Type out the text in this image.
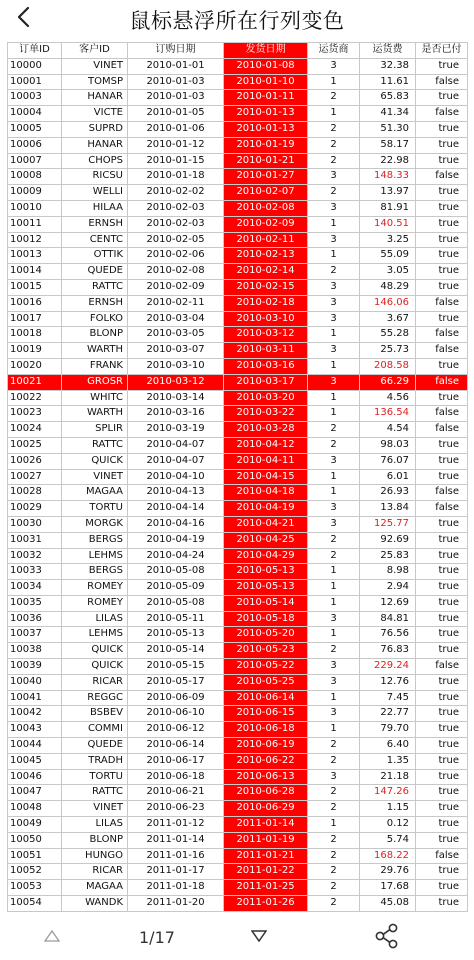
鼠标悬浮所在行列变色
订单ID	客户ID	订购日期	发货日期	运货商	运货费	是否已付
10000	VINET	2010-01-01	2010-01-08	3	32.38	true
10001	TOMSP	2010-01-03	2010-01-10	1	11.61	false
10003	HANAR	2010-01-03	2010-01-11	2	65.83	true
10004	VICTE	2010-01-05	2010-01-13	1	41.34	false
10005	SUPRD	2010-01-06	2010-01-13	2	51.30	true
10006	HANAR	2010-01-12	2010-01-19	2	58.17	true
10007	CHOPS	2010-01-15	2010-01-21	2	22.98	true
10008	RICSU	2010-01-18	2010-01-27	3	148.33	false
10009	WELLI	2010-02-02	2010-02-07	2	13.97	true
10010	HILAA	2010-02-03	2010-02-08	3	81.91	true
10011	ERNSH	2010-02-03	2010-02-09	1	140.51	true
10012	CENTC	2010-02-05	2010-02-11	3	3.25	true
10013	OTTIK	2010-02-06	2010-02-13	1	55.09	true
10014	QUEDE	2010-02-08	2010-02-14	2	3.05	true
10015	RATTC	2010-02-09	2010-02-15	3	48.29	true
10016	ERNSH	2010-02-11	2010-02-18	3	146.06	false
10017	FOLKO	2010-03-04	2010-03-10	3	3.67	true
10018	BLONP	2010-03-05	2010-03-12	1	55.28	false
10019	WARTH	2010-03-07	2010-03-11	3	25.73	false
10020	FRANK	2010-03-10	2010-03-16	1	208.58	true
10021	GROSR	2010-03-12	2010-03-17	3	66.29	false
10022	WHITC	2010-03-14	2010-03-20	1	4.56	true
10023	WARTH	2010-03-16	2010-03-22	1	136.54	false
10024	SPLIR	2010-03-19	2010-03-28	2	4.54	false
10025	RATTC	2010-04-07	2010-04-12	2	98.03	true
10026	QUICK	2010-04-07	2010-04-11	3	76.07	true
10027	VINET	2010-04-10	2010-04-15	1	6.01	true
10028	MAGAA	2010-04-13	2010-04-18	1	26.93	false
10029	TORTU	2010-04-14	2010-04-19	3	13.84	false
10030	MORGK	2010-04-16	2010-04-21	3	125.77	true
10031	BERGS	2010-04-19	2010-04-25	2	92.69	true
10032	LEHMS	2010-04-24	2010-04-29	2	25.83	true
10033	BERGS	2010-05-08	2010-05-13	1	8.98	true
10034	ROMEY	2010-05-09	2010-05-13	1	2.94	true
10035	ROMEY	2010-05-08	2010-05-14	1	12.69	true
10036	LILAS	2010-05-11	2010-05-18	3	84.81	true
10037	LEHMS	2010-05-13	2010-05-20	1	76.56	true
10038	QUICK	2010-05-14	2010-05-23	2	76.83	true
10039	QUICK	2010-05-15	2010-05-22	3	229.24	false
10040	RICAR	2010-05-17	2010-05-25	3	12.76	true
10041	REGGC	2010-06-09	2010-06-14	1	7.45	true
10042	BSBEV	2010-06-10	2010-06-15	3	22.77	true
10043	COMMI	2010-06-12	2010-06-18	1	79.70	true
10044	QUEDE	2010-06-14	2010-06-19	2	6.40	true
10045	TRADH	2010-06-17	2010-06-22	2	1.35	true
10046	TORTU	2010-06-18	2010-06-13	3	21.18	true
10047	RATTC	2010-06-21	2010-06-28	2	147.26	true
10048	VINET	2010-06-23	2010-06-29	2	1.15	true
10049	LILAS	2011-01-12	2011-01-14	1	0.12	true
10050	BLONP	2011-01-14	2011-01-19	2	5.74	true
10051	HUNGO	2011-01-16	2011-01-21	2	168.22	false
10052	RICAR	2011-01-17	2011-01-22	2	29.76	true
10053	MAGAA	2011-01-18	2011-01-25	2	17.68	true
10054	WANDK	2011-01-20	2011-01-26	2	45.08	true
1/17
